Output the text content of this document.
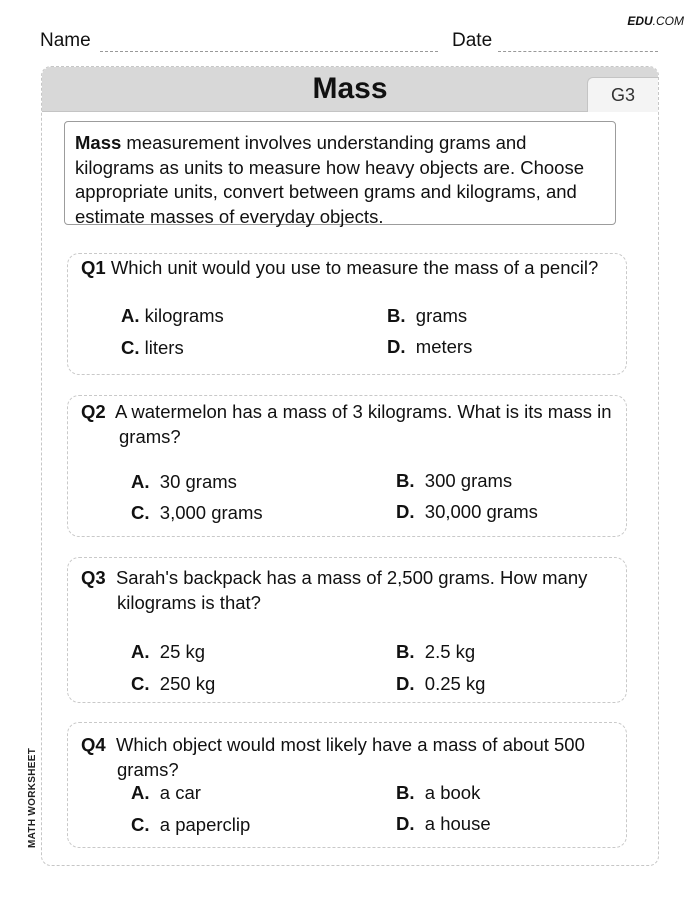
EDU.COM
Name	Date
Mass	G3
Mass measurement involves understanding grams and kilograms as units to measure how heavy objects are. Choose appropriate units, convert between grams and kilograms, and estimate masses of everyday objects.
Q1 Which unit would you use to measure the mass of a pencil?
A. kilograms	B. grams
C. liters	D. meters
Q2 A watermelon has a mass of 3 kilograms. What is its mass in grams?
A. 30 grams	B. 300 grams
C. 3,000 grams	D. 30,000 grams
Q3 Sarah's backpack has a mass of 2,500 grams. How many kilograms is that?
A. 25 kg	B. 2.5 kg
C. 250 kg	D. 0.25 kg
Q4 Which object would most likely have a mass of about 500 grams?
A. a car	B. a book
C. a paperclip	D. a house
MATH WORKSHEET
